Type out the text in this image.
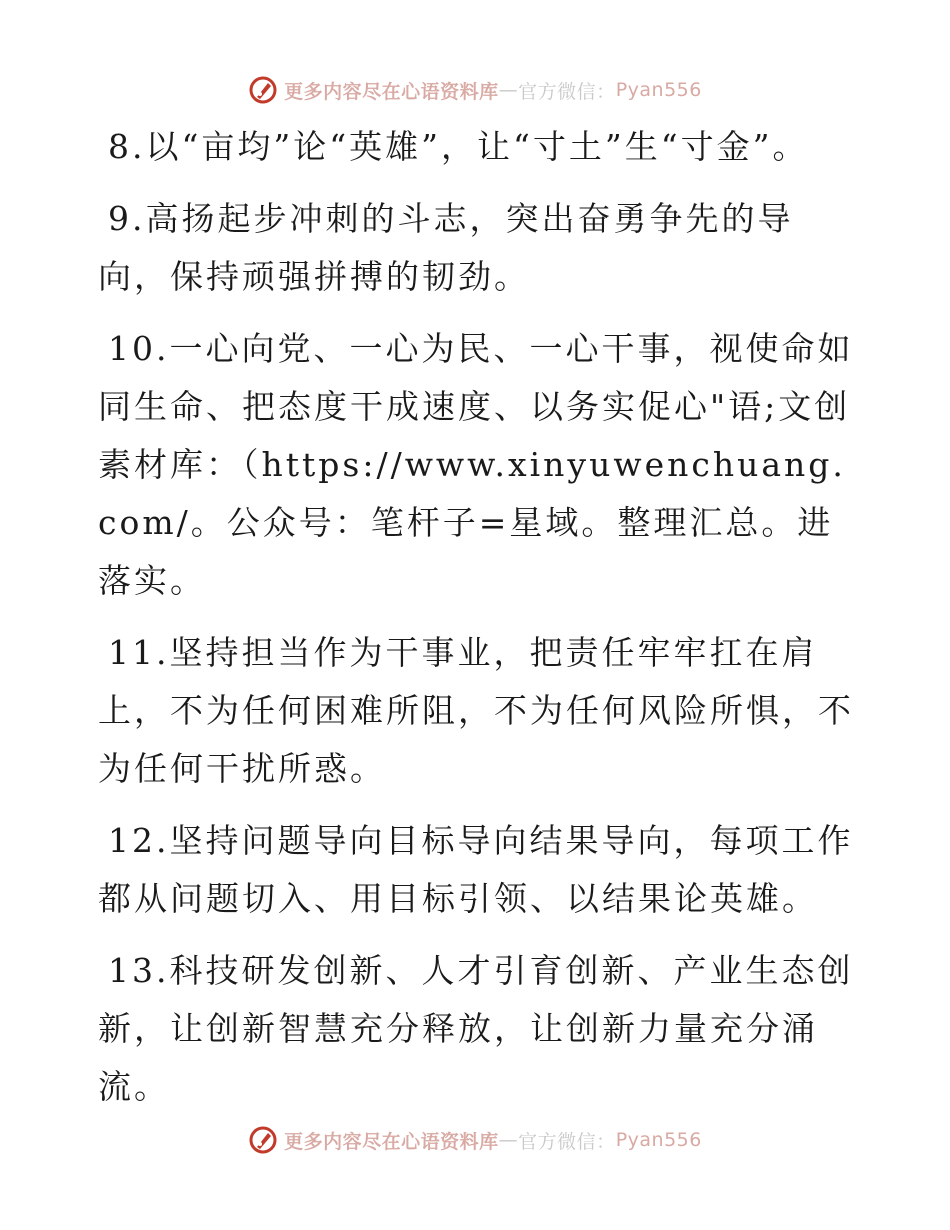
更多内容尽在心语资料库 — 官方微信： Pyan556

8.以“亩均”论“英雄”，让“寸土”生“寸金”。

9.高扬起步冲刺的斗志，突出奋勇争先的导向，保持顽强拼搏的韧劲。

10.一心向党、一心为民、一心干事，视使命如同生命、把态度干成速度、以务实促心"语;文创素材库：（https://www.xinyuwenchuang.com/。公众号：笔杆子=星域。整理汇总。进落实。

11.坚持担当作为干事业，把责任牢牢扛在肩上，不为任何困难所阻，不为任何风险所惧，不为任何干扰所惑。

12.坚持问题导向目标导向结果导向，每项工作都从问题切入、用目标引领、以结果论英雄。

13.科技研发创新、人才引育创新、产业生态创新，让创新智慧充分释放，让创新力量充分涌流。

更多内容尽在心语资料库 — 官方微信： Pyan556
